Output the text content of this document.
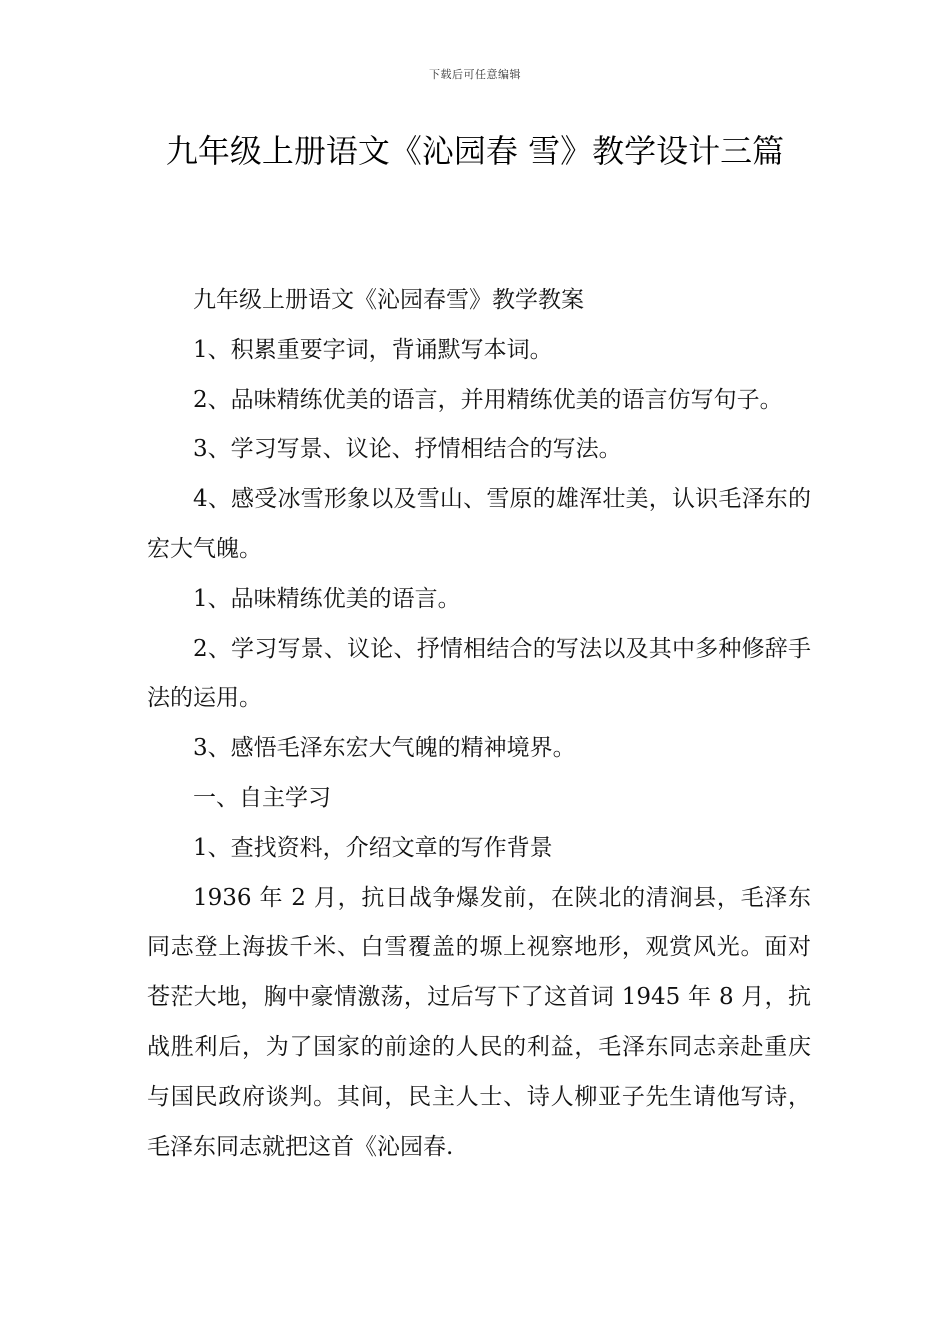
下载后可任意编辑
九年级上册语文《沁园春 雪》教学设计三篇

九年级上册语文《沁园春雪》教学教案

1、积累重要字词，背诵默写本词。

2、品味精练优美的语言，并用精练优美的语言仿写句子。

3、学习写景、议论、抒情相结合的写法。

4、感受冰雪形象以及雪山、雪原的雄浑壮美，认识毛泽东的宏大气魄。

1、品味精练优美的语言。

2、学习写景、议论、抒情相结合的写法以及其中多种修辞手法的运用。

3、感悟毛泽东宏大气魄的精神境界。

一、自主学习

1、查找资料，介绍文章的写作背景

1936 年 2 月，抗日战争爆发前，在陕北的清涧县，毛泽东同志登上海拔千米、白雪覆盖的塬上视察地形，观赏风光。面对苍茫大地，胸中豪情激荡，过后写下了这首词 1945 年 8 月，抗战胜利后，为了国家的前途的人民的利益，毛泽东同志亲赴重庆与国民政府谈判。其间，民主人士、诗人柳亚子先生请他写诗，毛泽东同志就把这首《沁园春.
